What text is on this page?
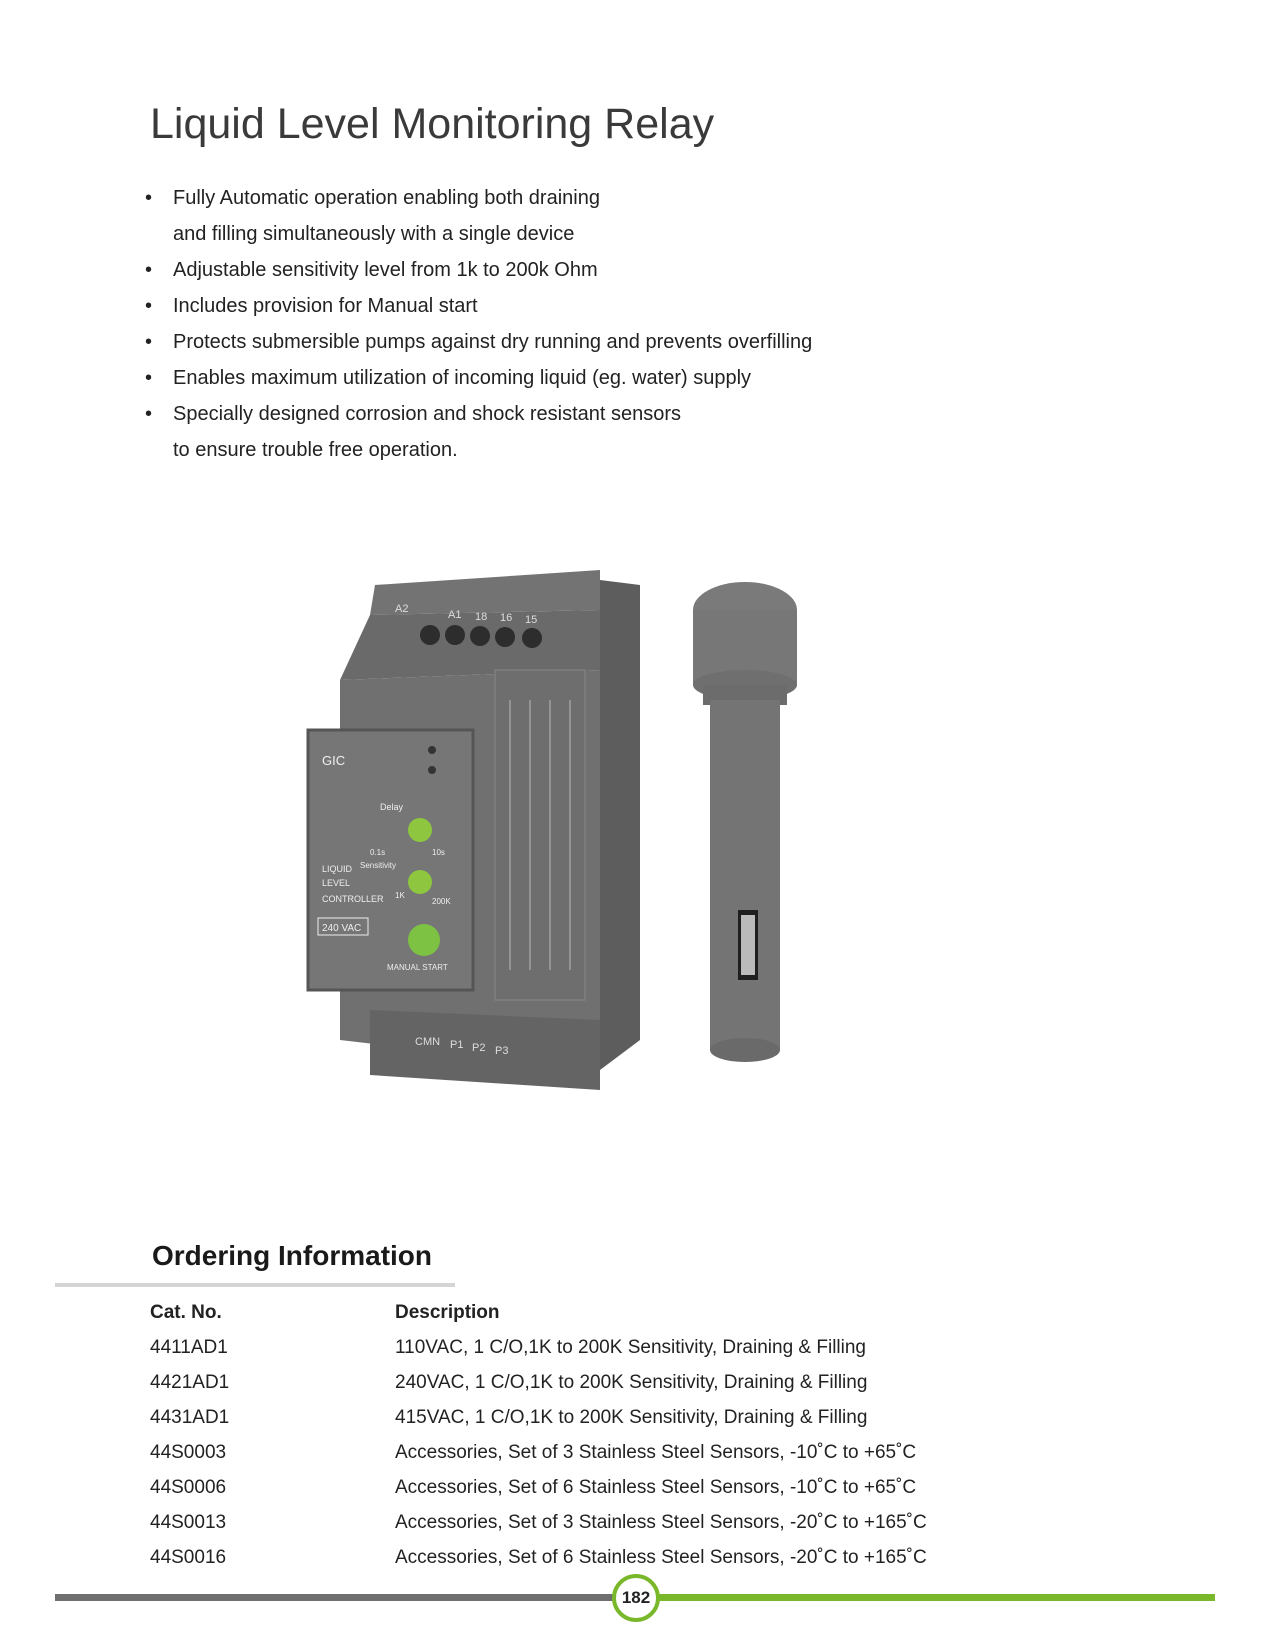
Liquid Level Monitoring Relay
• Fully Automatic operation enabling both draining
and filling simultaneously with a single device
• Adjustable sensitivity level from 1k to 200k Ohm
• Includes provision for Manual start
• Protects submersible pumps against dry running and prevents overfilling
• Enables maximum utilization of incoming liquid (eg. water) supply
• Specially designed corrosion and shock resistant sensors
to ensure trouble free operation.
A2	A1 18 16 15
GIC
Delay
0.1s	10s
Sensitivity
LIQUID
LEVEL
CONTROLLER 1K
200K
240 VAC
MANUAL START
CMN P1 P2 P3
Ordering Information
Cat. No.	Description
4411AD1	110VAC, 1 C/O,1K to 200K Sensitivity, Draining & Filling
4421AD1	240VAC, 1 C/O,1K to 200K Sensitivity, Draining & Filling
4431AD1	415VAC, 1 C/O,1K to 200K Sensitivity, Draining & Filling
44S0003	Accessories, Set of 3 Stainless Steel Sensors, -10˚C to +65˚C
44S0006	Accessories, Set of 6 Stainless Steel Sensors, -10˚C to +65˚C
44S0013	Accessories, Set of 3 Stainless Steel Sensors, -20˚C to +165˚C
44S0016	Accessories, Set of 6 Stainless Steel Sensors, -20˚C to +165˚C
182
